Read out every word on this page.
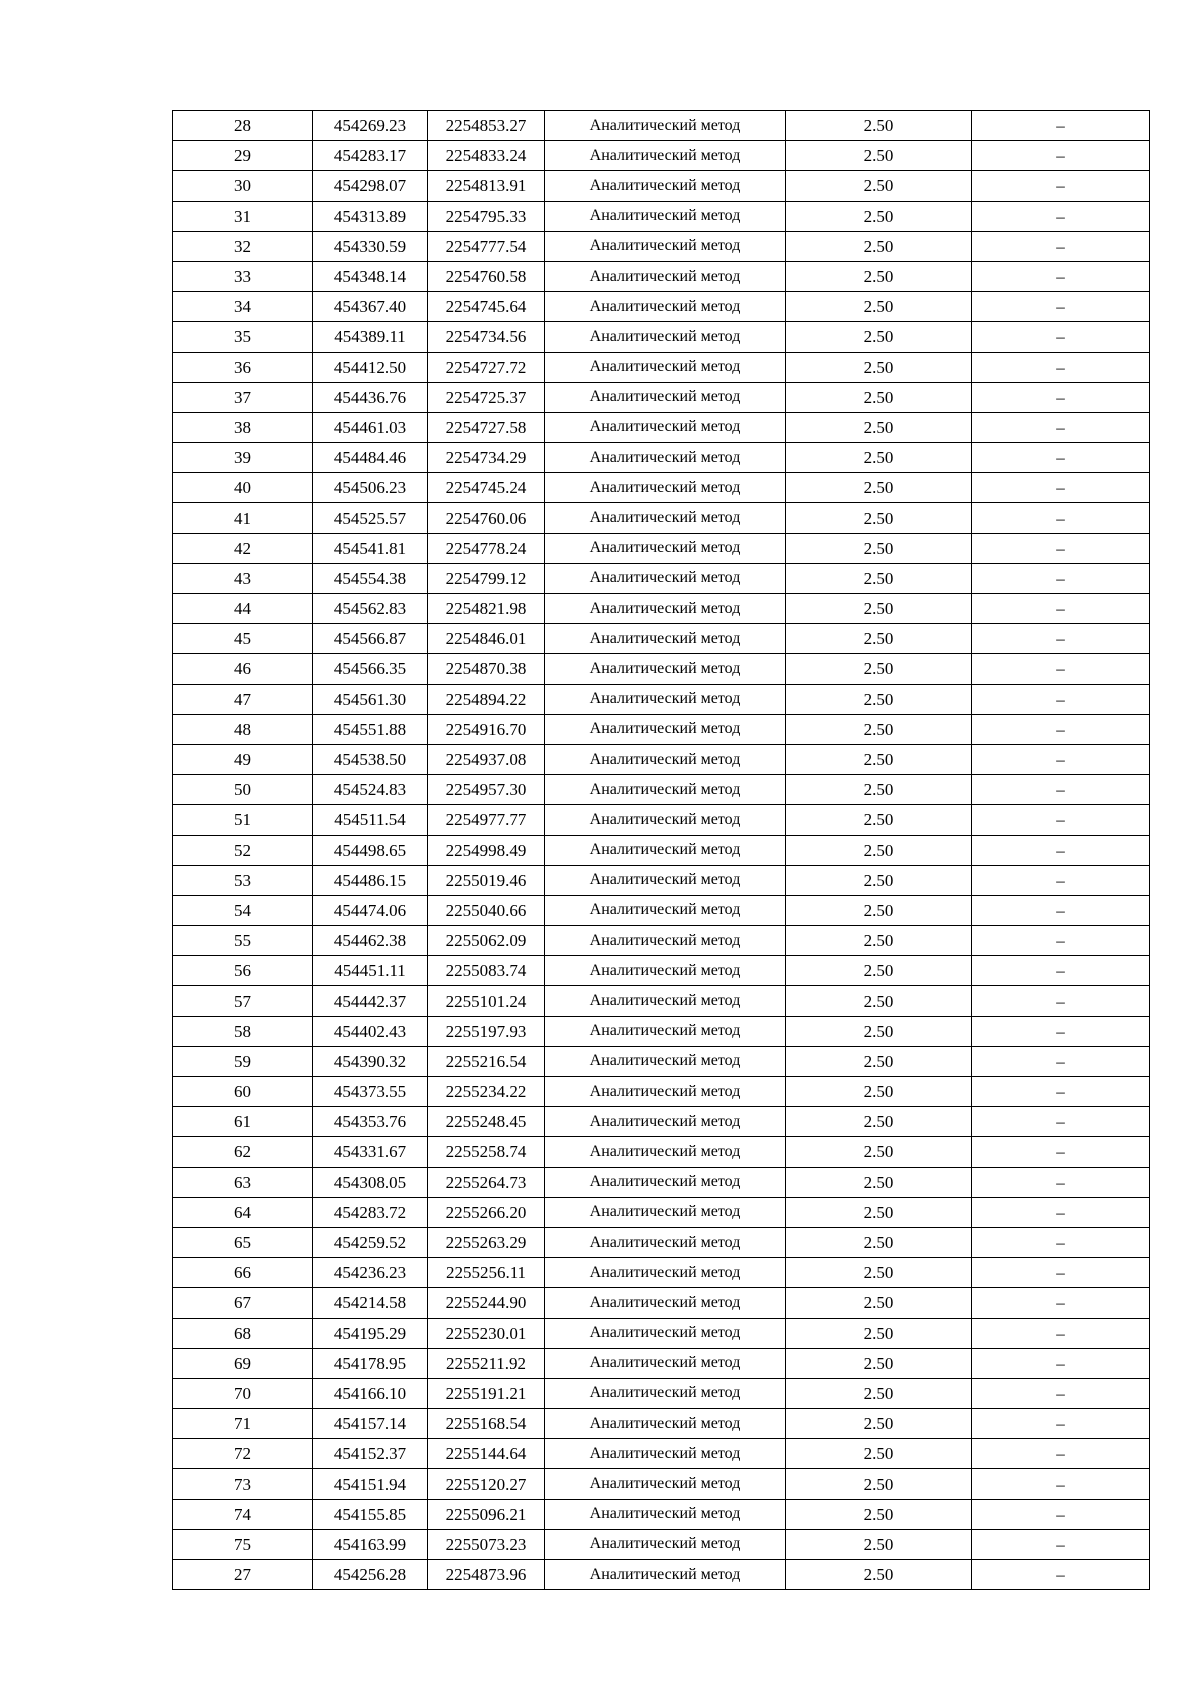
28	454269.23	2254853.27	Аналитический метод	2.50	–
29	454283.17	2254833.24	Аналитический метод	2.50	–
30	454298.07	2254813.91	Аналитический метод	2.50	–
31	454313.89	2254795.33	Аналитический метод	2.50	–
32	454330.59	2254777.54	Аналитический метод	2.50	–
33	454348.14	2254760.58	Аналитический метод	2.50	–
34	454367.40	2254745.64	Аналитический метод	2.50	–
35	454389.11	2254734.56	Аналитический метод	2.50	–
36	454412.50	2254727.72	Аналитический метод	2.50	–
37	454436.76	2254725.37	Аналитический метод	2.50	–
38	454461.03	2254727.58	Аналитический метод	2.50	–
39	454484.46	2254734.29	Аналитический метод	2.50	–
40	454506.23	2254745.24	Аналитический метод	2.50	–
41	454525.57	2254760.06	Аналитический метод	2.50	–
42	454541.81	2254778.24	Аналитический метод	2.50	–
43	454554.38	2254799.12	Аналитический метод	2.50	–
44	454562.83	2254821.98	Аналитический метод	2.50	–
45	454566.87	2254846.01	Аналитический метод	2.50	–
46	454566.35	2254870.38	Аналитический метод	2.50	–
47	454561.30	2254894.22	Аналитический метод	2.50	–
48	454551.88	2254916.70	Аналитический метод	2.50	–
49	454538.50	2254937.08	Аналитический метод	2.50	–
50	454524.83	2254957.30	Аналитический метод	2.50	–
51	454511.54	2254977.77	Аналитический метод	2.50	–
52	454498.65	2254998.49	Аналитический метод	2.50	–
53	454486.15	2255019.46	Аналитический метод	2.50	–
54	454474.06	2255040.66	Аналитический метод	2.50	–
55	454462.38	2255062.09	Аналитический метод	2.50	–
56	454451.11	2255083.74	Аналитический метод	2.50	–
57	454442.37	2255101.24	Аналитический метод	2.50	–
58	454402.43	2255197.93	Аналитический метод	2.50	–
59	454390.32	2255216.54	Аналитический метод	2.50	–
60	454373.55	2255234.22	Аналитический метод	2.50	–
61	454353.76	2255248.45	Аналитический метод	2.50	–
62	454331.67	2255258.74	Аналитический метод	2.50	–
63	454308.05	2255264.73	Аналитический метод	2.50	–
64	454283.72	2255266.20	Аналитический метод	2.50	–
65	454259.52	2255263.29	Аналитический метод	2.50	–
66	454236.23	2255256.11	Аналитический метод	2.50	–
67	454214.58	2255244.90	Аналитический метод	2.50	–
68	454195.29	2255230.01	Аналитический метод	2.50	–
69	454178.95	2255211.92	Аналитический метод	2.50	–
70	454166.10	2255191.21	Аналитический метод	2.50	–
71	454157.14	2255168.54	Аналитический метод	2.50	–
72	454152.37	2255144.64	Аналитический метод	2.50	–
73	454151.94	2255120.27	Аналитический метод	2.50	–
74	454155.85	2255096.21	Аналитический метод	2.50	–
75	454163.99	2255073.23	Аналитический метод	2.50	–
27	454256.28	2254873.96	Аналитический метод	2.50	–
